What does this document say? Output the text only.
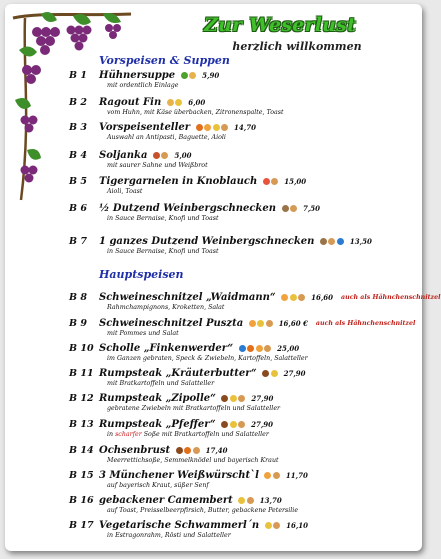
Zur Weserlust
herzlich willkommen
Vorspeisen & Suppen
Hauptspeisen
B 1 Hühnersuppe	5,90
mit ordentlich Einlage
B 2 Ragout Fin	6,00
vom Huhn, mit Käse überbacken, Zitronenspalte, Toast
B 3 Vorspeisenteller	14,70
Auswahl an Antipasti, Baguette, Aioli
B 4 Soljanka	5,00
mit saurer Sahne und Weißbrot
B 5 Tigergarnelen in Knoblauch	15,00
Aioli, Toast
B 6 ½ Dutzend Weinbergschnecken	7,50
in Sauce Bernaise, Knofi und Toast
B 7 1 ganzes Dutzend Weinbergschnecken	13,50
in Sauce Bernaise, Knofi und Toast
B 8 Schweineschnitzel „Waidmann“	16,60 auch als Hähnchenschnitzel
Rahmchampignons, Kroketten, Salat
B 9 Schweineschnitzel Puszta	16,60 € auch als Hähnchenschnitzel
mit Pommes und Salat
B 10 Scholle „Finkenwerder“	25,00
im Ganzen gebraten, Speck & Zwiebeln, Kartoffeln, Salatteller
B 11 Rumpsteak „Kräuterbutter“	27,90
mit Bratkartoffeln und Salatteller
B 12 Rumpsteak „Zipolle“	27,90
gebratene Zwiebeln mit Bratkartoffeln und Salatteller
B 13 Rumpsteak „Pfeffer“	27,90
in scharfer Soße mit Bratkartoffeln und Salatteller
B 14 Ochsenbrust	17,40
Meerrettichsoße, Semmelknödel und bayerisch Kraut
B 15 3 Münchener Weißwürscht`l	11,70
auf bayerisch Kraut, süßer Senf
B 16 gebackener Camembert	13,70
auf Toast, Preisselbeerpfirsich, Butter, gebackene Petersilie
B 17 Vegetarische Schwammerl´n	16,10
in Estragonrahm, Rösti und Salatteller
